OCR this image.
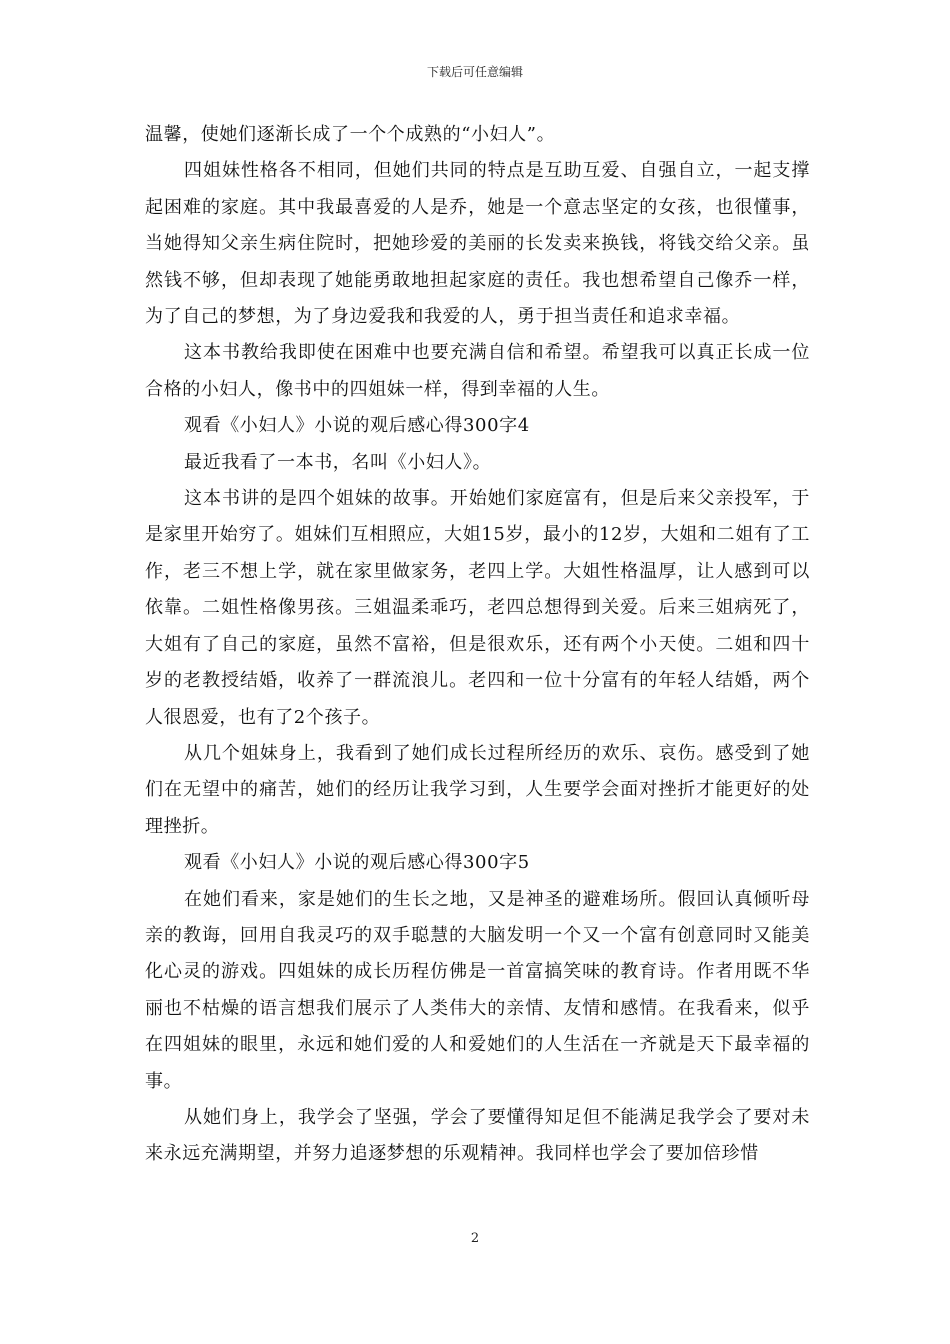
下载后可任意编辑

温馨，使她们逐渐长成了一个个成熟的“小妇人”。

四姐妹性格各不相同，但她们共同的特点是互助互爱、自强自立，一起支撑起困难的家庭。其中我最喜爱的人是乔，她是一个意志坚定的女孩，也很懂事，当她得知父亲生病住院时，把她珍爱的美丽的长发卖来换钱，将钱交给父亲。虽然钱不够，但却表现了她能勇敢地担起家庭的责任。我也想希望自己像乔一样，为了自己的梦想，为了身边爱我和我爱的人，勇于担当责任和追求幸福。

这本书教给我即使在困难中也要充满自信和希望。希望我可以真正长成一位合格的小妇人，像书中的四姐妹一样，得到幸福的人生。

观看《小妇人》小说的观后感心得300字4

最近我看了一本书，名叫《小妇人》。

这本书讲的是四个姐妹的故事。开始她们家庭富有，但是后来父亲投军，于是家里开始穷了。姐妹们互相照应，大姐15岁，最小的12岁，大姐和二姐有了工作，老三不想上学，就在家里做家务，老四上学。大姐性格温厚，让人感到可以依靠。二姐性格像男孩。三姐温柔乖巧，老四总想得到关爱。后来三姐病死了，大姐有了自己的家庭，虽然不富裕，但是很欢乐，还有两个小天使。二姐和四十岁的老教授结婚，收养了一群流浪儿。老四和一位十分富有的年轻人结婚，两个人很恩爱，也有了2个孩子。

从几个姐妹身上，我看到了她们成长过程所经历的欢乐、哀伤。感受到了她们在无望中的痛苦，她们的经历让我学习到，人生要学会面对挫折才能更好的处理挫折。

观看《小妇人》小说的观后感心得300字5

在她们看来，家是她们的生长之地，又是神圣的避难场所。假回认真倾听母亲的教诲，回用自我灵巧的双手聪慧的大脑发明一个又一个富有创意同时又能美化心灵的游戏。四姐妹的成长历程仿佛是一首富搞笑味的教育诗。作者用既不华丽也不枯燥的语言想我们展示了人类伟大的亲情、友情和感情。在我看来，似乎在四姐妹的眼里，永远和她们爱的人和爱她们的人生活在一齐就是天下最幸福的事。

从她们身上，我学会了坚强，学会了要懂得知足但不能满足我学会了要对未来永远充满期望，并努力追逐梦想的乐观精神。我同样也学会了要加倍珍惜

2
